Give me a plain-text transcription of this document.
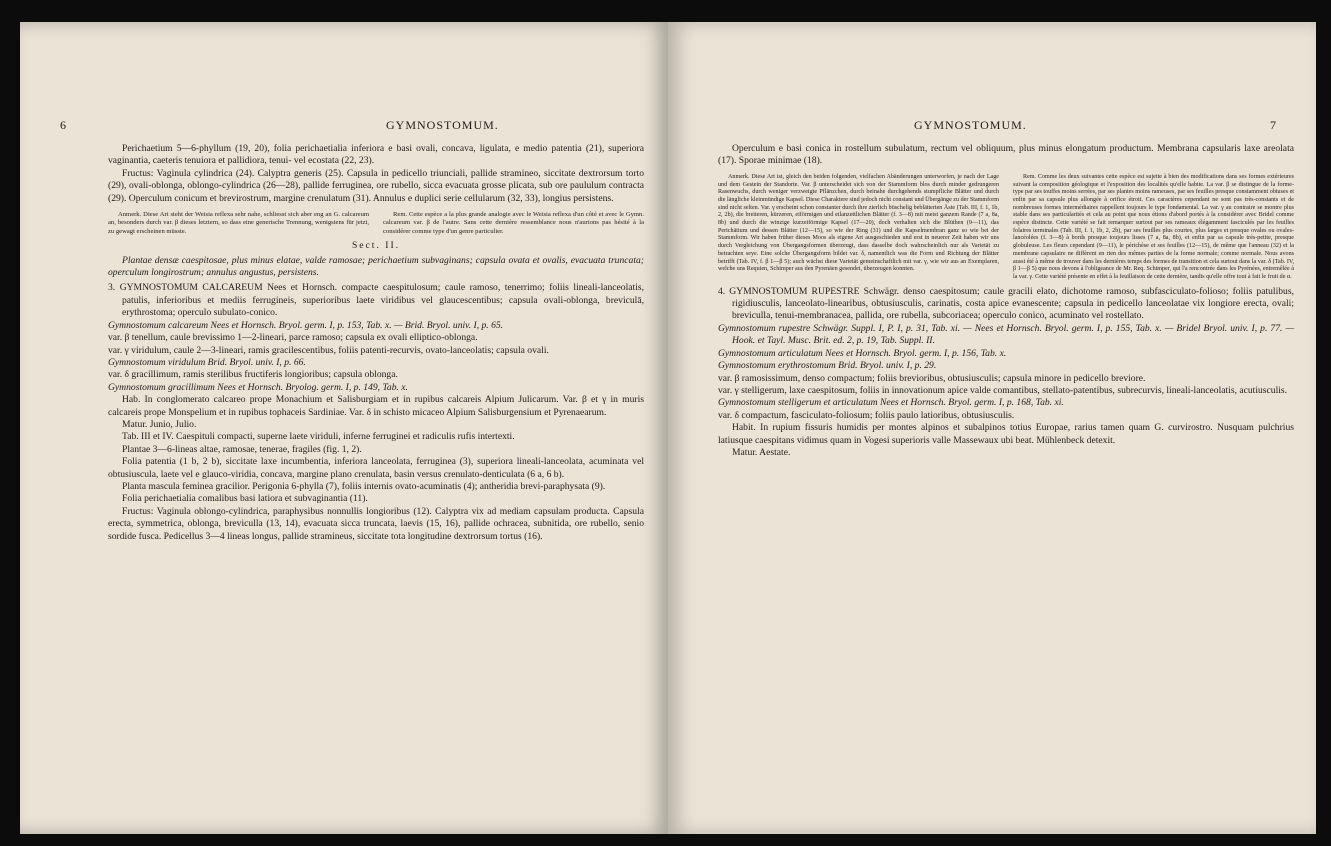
6	GYMNOSTOMUM.

Perichaetium 5—6-phyllum (19, 20), folia perichaetialia inferiora e basi ovali, concava, ligulata, e medio patentia (21), superiora vaginantia, caeteris tenuiora et pallidiora, tenui- vel ecostata (22, 23).

Fructus: Vaginula cylindrica (24). Calyptra generis (25). Capsula in pedicello triunciali, pallide stramineo, siccitate dextrorsum torto (29), ovali-oblonga, oblongo-cylindrica (26—28), pallide ferruginea, ore rubello, sicca evacuata grosse plicata, sub ore paululum contracta (29). Operculum conicum et brevirostrum, margine crenulatum (31). Annulus e duplici serie cellularum (32, 33), longius persistens.

Anmerk. Diese Art steht der Weisia reflexa sehr nahe, schliesst sich aber eng an G. calcareum an, besonders durch var. β dieses letztern, so dass eine generische Trennung, wenigstens für jetzt, zu gewagt erscheinen müsste.

Rem. Cette espèce a la plus grande analogie avec le Weisia reflexa d'un côté et avec le Gymn. calcareum var. β de l'autre. Sans cette dernière ressemblance nous n'aurions pas hésité à la considérer comme type d'un genre particulier.

Sect. II.

Plantae densæ caespitosae, plus minus elatae, valde ramosae; perichaetium subvaginans; capsula ovata et ovalis, evacuata truncata; operculum longirostrum; annulus angustus, persistens.

3. GYMNOSTOMUM CALCAREUM Nees et Hornsch. compacte caespitulosum; caule ramoso, tenerrimo; foliis lineali-lanceolatis, patulis, inferioribus et mediis ferrugineis, superioribus laete viridibus vel glaucescentibus; capsula ovali-oblonga, breviculā, erythrostoma; operculo subulato-conico.

Gymnostomum calcareum Nees et Hornsch. Bryol. germ. I, p. 153, Tab. x. — Brid. Bryol. univ. I, p. 65.

var. β tenellum, caule brevissimo 1—2-lineari, parce ramoso; capsula ex ovali elliptico-oblonga.

var. γ viridulum, caule 2—3-lineari, ramis gracilescentibus, foliis patenti-recurvis, ovato-lanceolatis; capsula ovali.

Gymnostomum viridulum Brid. Bryol. univ. I, p. 66.

var. δ gracillimum, ramis sterilibus fructiferis longioribus; capsula oblonga.

Gymnostomum gracillimum Nees et Hornsch. Bryolog. germ. I, p. 149, Tab. x.

Hab. In conglomerato calcareo prope Monachium et Salisburgiam et in rupibus calcareis Alpium Julicarum. Var. β et γ in muris calcareis prope Monspelium et in rupibus tophaceis Sardiniae. Var. δ in schisto micaceo Alpium Salisburgensium et Pyrenaearum.

Matur. Junio, Julio.

Tab. III et IV. Caespituli compacti, superne laete viriduli, inferne ferruginei et radiculis rufis intertexti.

Plantae 3—6-lineas altae, ramosae, tenerae, fragiles (fig. 1, 2).

Folia patentia (1 b, 2 b), siccitate laxe incumbentia, inferiora lanceolata, ferruginea (3), superiora lineali-lanceolata, acuminata vel obtusiuscula, laete vel e glauco-viridia, concava, margine plano crenulata, basin versus crenulato-denticulata (6 a, 6 b).

Planta mascula feminea gracilior. Perigonia 6-phylla (7), foliis internis ovato-acuminatis (4); antheridia brevi-paraphysata (9).

Folia perichaetialia comalibus basi latiora et subvaginantia (11).

Fructus: Vaginula oblongo-cylindrica, paraphysibus nonnullis longioribus (12). Calyptra vix ad mediam capsulam producta. Capsula erecta, symmetrica, oblonga, breviculla (13, 14), evacuata sicca truncata, laevis (15, 16), pallide ochracea, subnitida, ore rubello, senio sordide fusca. Pedicellus 3—4 lineas longus, pallide stramineus, siccitate tota longitudine dextrorsum tortus (16).

GYMNOSTOMUM.	7

Operculum e basi conica in rostellum subulatum, rectum vel obliquum, plus minus elongatum productum. Membrana capsularis laxe areolata (17). Sporae minimae (18).

Anmerk. Diese Art ist, gleich den beiden folgenden, vielfachen Abänderungen unterworfen, je nach der Lage und dem Gestein der Standorte. Var. β unterscheidet sich von der Stammform blos durch minder gedrungeren Rasenwuchs, durch weniger verzweigte Pflänzchen, durch beinahe durchgehends stumpfliche Blätter und durch die längliche kleinmündige Kapsel. Diese Charaktere sind jedoch nicht constant und Übergänge zu der Stammform sind nicht selten. Var. γ erscheint schon constanter durch ihre zierlich büschelig beblätterten Äste (Tab. III, f. 1, 1b, 2, 2b), die breiteren, kürzeren, eiförmigen und eilanzettlichen Blätter (f. 3—8) mit meist ganzem Rande (7 a, 8a, 8b) und durch die winzige kurzeiförmige Kapsel (17—20), doch verhalten sich die Blüthen (9—11), das Perichätium und dessen Blätter (12—15), so wie der Ring (31) und die Kapselmembran ganz so wie bei der Stammform. Wir haben früher dieses Moos als eigene Art ausgeschieden und erst in neuerer Zeit haben wir uns durch Vergleichung von Übergangsformen überzeugt, dass dasselbe doch wahrscheinlich nur als Varietät zu betrachten seye. Eine solche Übergangsform bildet var. δ, namentlich was die Form und Richtung der Blätter betrifft (Tab. IV, f. β 1—β 5); auch wächst diese Varietät gemeinschaftlich mit var. γ, wie wir aus an Exemplaren, welche uns Requien, Schimper aus den Pyrenäen gesendet, überzeugen konnten.

Rem. Comme les deux suivantes cette espèce est sujette à bien des modifications dans ses formes extérieures suivant la composition géologique et l'exposition des localités qu'elle habite. La var. β se distingue de la forme-type par ses touffes moins serrées, par ses plantes moins rameuses, par ses feuilles presque constamment obtuses et enfin par sa capsule plus allongée à orifice étroit. Ces caractères cependant ne sont pas très-constants et de nombreuses formes intermédiaires rappellent toujours le type fondamental. La var. γ au contraire se montre plus stable dans ses particularités et cela au point que nous étions d'abord portés à la considérer avec Bridel comme espèce distincte. Cette variété se fait remarquer surtout par ses rameaux élégamment fasciculés par les feuilles folaires terminales (Tab. III, f. 1, 1b, 2, 2b), par ses feuilles plus courtes, plus larges et presque ovales ou ovales-lancéolées (f. 3—8) à bords presque toujours lisses (7 a, 8a, 8b), et enfin par sa capsule très-petite, presque globuleuse. Les fleurs cependant (9—11), le périchèse et ses feuilles (12—15), de même que l'anneau (32) et la membrane capsulaire ne diffèrent en rien des mêmes parties de la forme normale; comme normale. Nous avons aussi été à même de trouver dans les dernières temps des formes de transition et cela surtout dans la var. δ (Tab. IV, β 1—β 5) que nous devons à l'obligeance de Mr. Req. Schimper, qui l'a rencontrée dans les Pyrénées, entremêlée à la var. γ. Cette variété présente en effet à la feuillaison de cette dernière, tandis qu'elle offre tout à fait le fruit de α.

4. GYMNOSTOMUM RUPESTRE Schwägr. denso caespitosum; caule gracili elato, dichotome ramoso, subfasciculato-folioso; foliis patulibus, rigidiusculis, lanceolato-linearibus, obtusiusculis, carinatis, costa apice evanescente; capsula in pedicello lanceolatae vix longiore erecta, ovali; breviculla, tenui-membranacea, pallida, ore rubella, subcoriacea; operculo conico, acuminato vel rostellato.

Gymnostomum rupestre Schwägr. Suppl. I, P. I, p. 31, Tab. xi. — Nees et Hornsch. Bryol. germ. I, p. 155, Tab. x. — Bridel Bryol. univ. I, p. 77. — Hook. et Tayl. Musc. Brit. ed. 2, p. 19, Tab. Suppl. II.

Gymnostomum articulatum Nees et Hornsch. Bryol. germ. I, p. 156, Tab. x.

Gymnostomum erythrostomum Brid. Bryol. univ. I, p. 29.

var. β ramosissimum, denso compactum; foliis brevioribus, obtusiusculis; capsula minore in pedicello breviore.

var. γ stelligerum, laxe caespitosum, foliis in innovationum apice valde comantibus, stellato-patentibus, subrecurvis, lineali-lanceolatis, acutiusculis.

Gymnostomum stelligerum et articulatum Nees et Hornsch. Bryol. germ. I, p. 168, Tab. xi.

var. δ compactum, fasciculato-foliosum; foliis paulo latioribus, obtusiusculis.

Habit. In rupium fissuris humidis per montes alpinos et subalpinos totius Europae, rarius tamen quam G. curvirostro. Nusquam pulchrius latiusque caespitans vidimus quam in Vogesi superioris valle Massewaux ubi beat. Mühlenbeck detexit.

Matur. Aestate.
